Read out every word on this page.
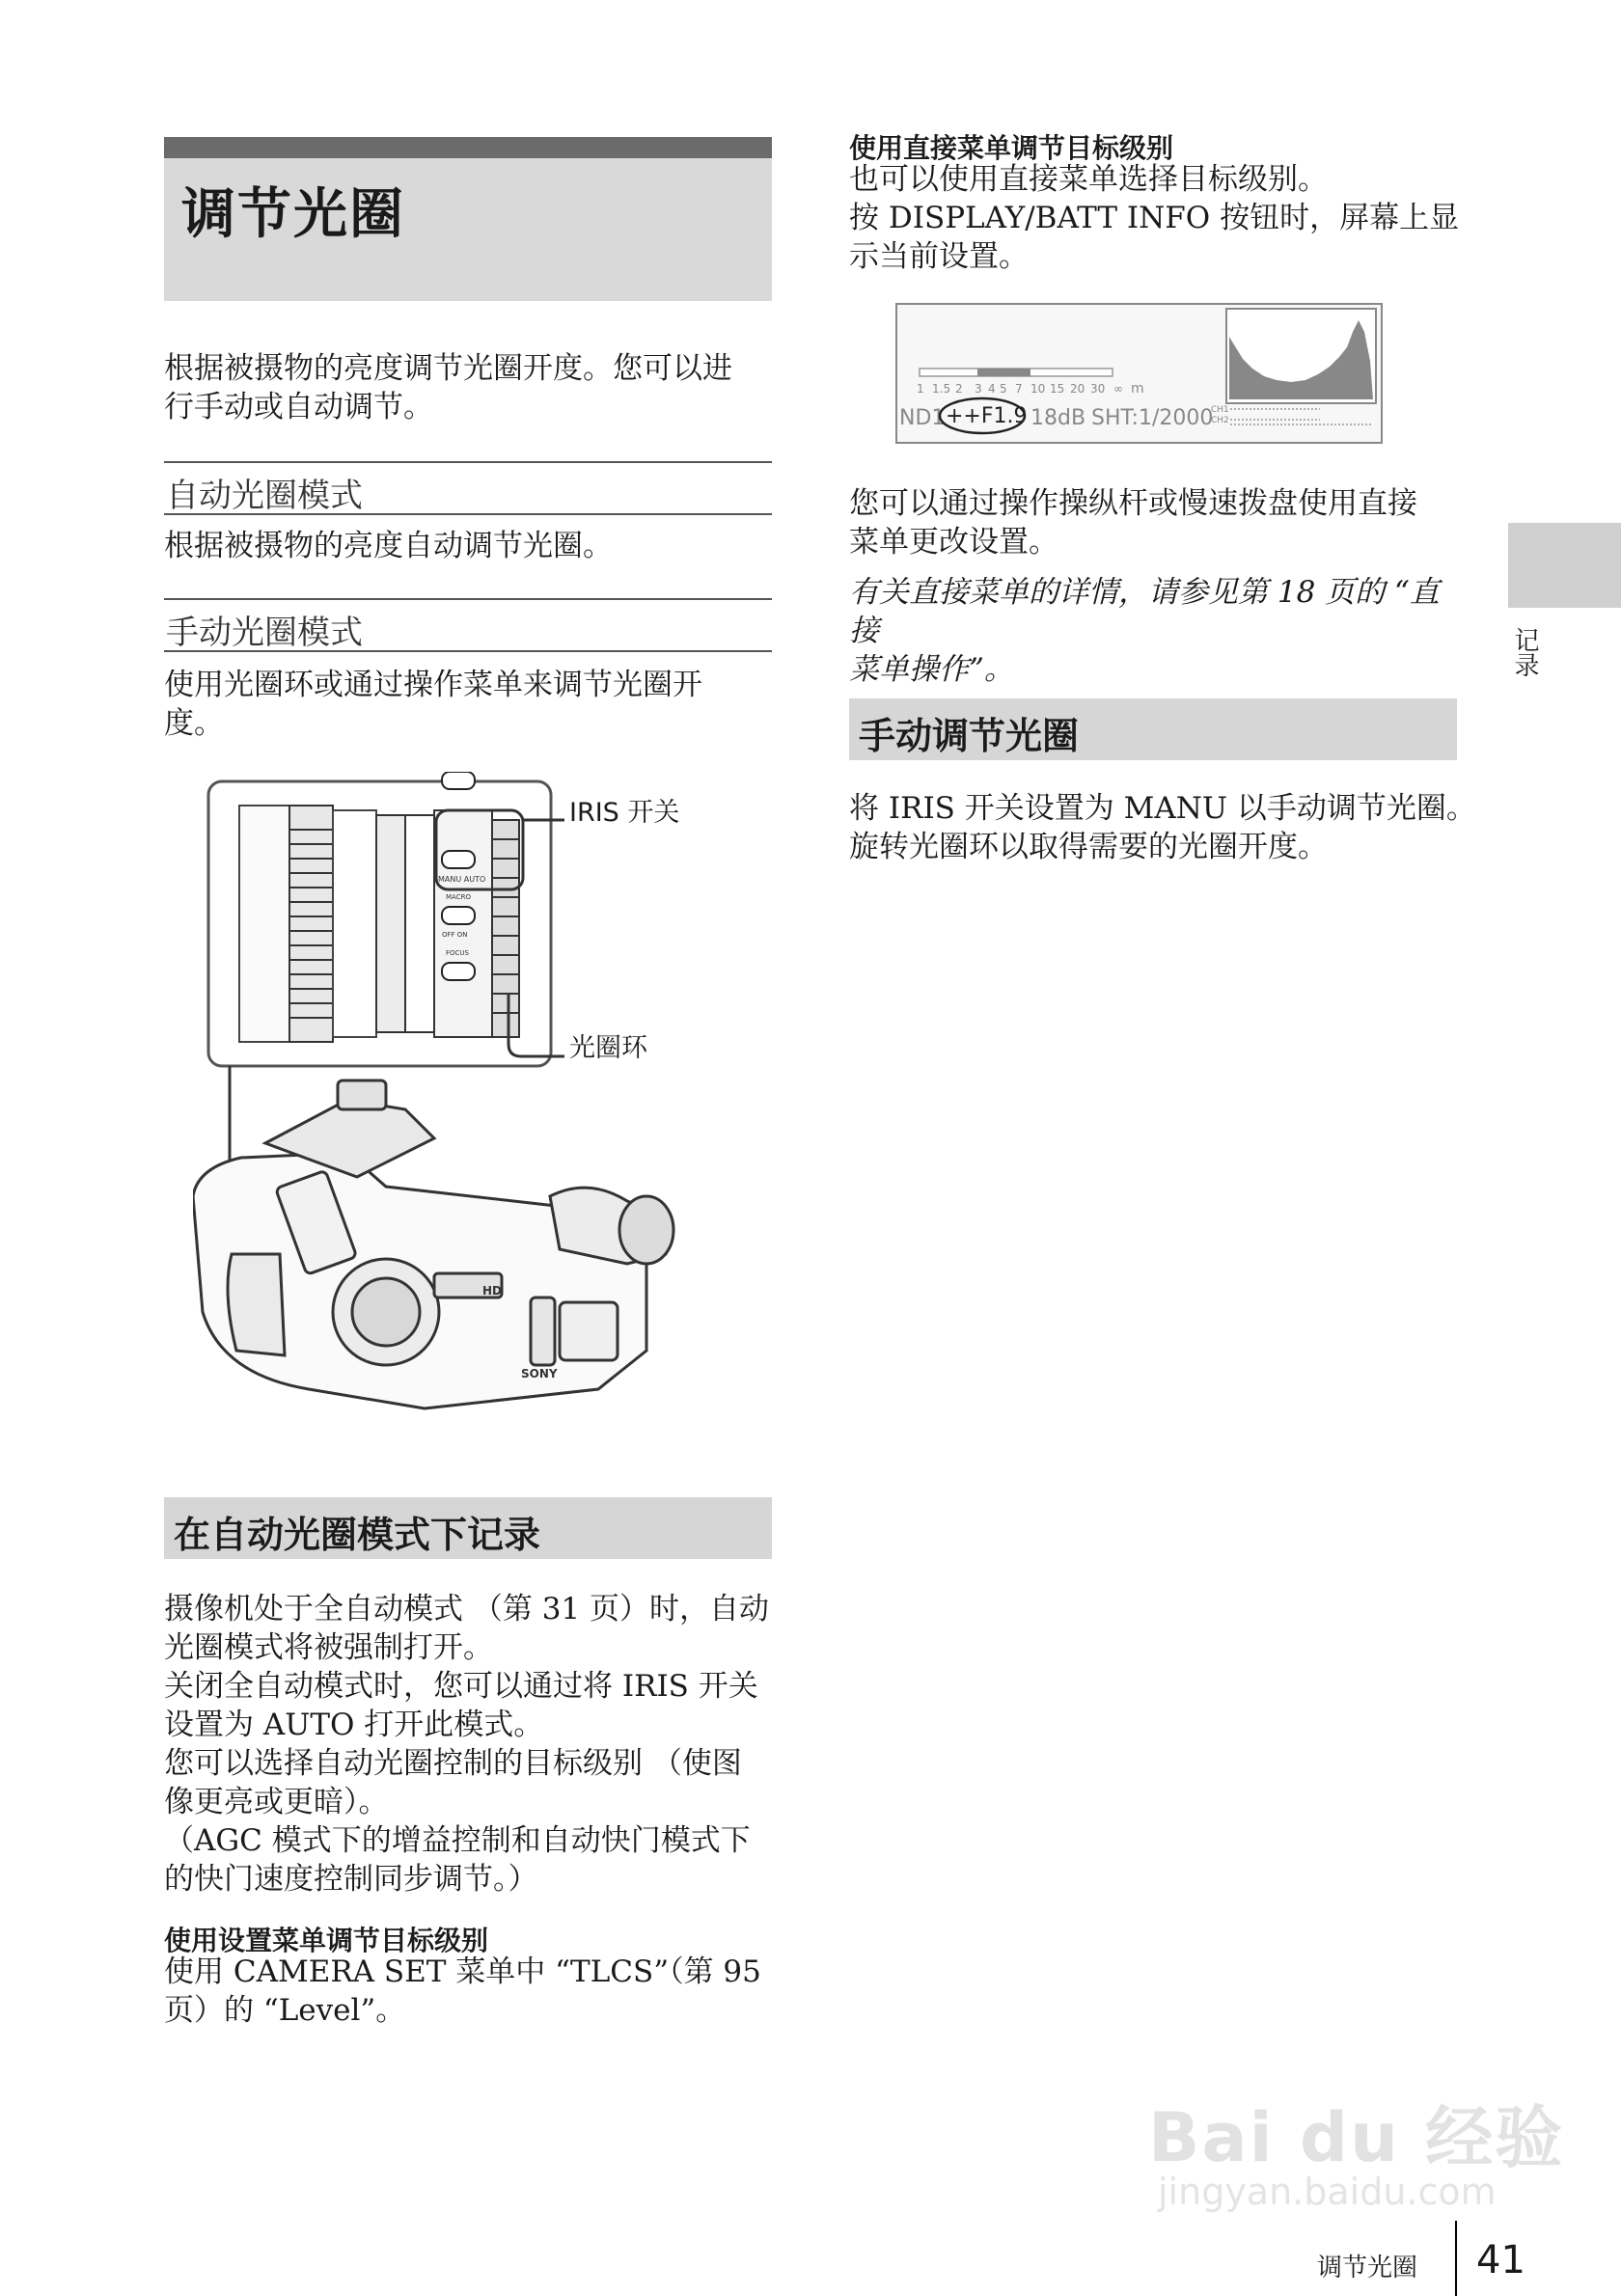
调节光圈
根据被摄物的亮度调节光圈开度。您可以进
行手动或自动调节。
自动光圈模式
根据被摄物的亮度自动调节光圈。
手动光圈模式
使用光圈环或通过操作菜单来调节光圈开
度。
MANU AUTO
MACRO
OFF ON
FOCUS
HD
SONY
IRIS 开关
光圈环
在自动光圈模式下记录
摄像机处于全自动模式 （第 31 页）时，自动
光圈模式将被强制打开。
关闭全自动模式时，您可以通过将 IRIS 开关
设置为 AUTO 打开此模式。
您可以选择自动光圈控制的目标级别 （使图
像更亮或更暗）。
（AGC 模式下的增益控制和自动快门模式下
的快门速度控制同步调节。）
使用设置菜单调节目标级别
使用 CAMERA SET 菜单中 “TLCS”（第 95
页）的 “Level”。
使用直接菜单调节目标级别
也可以使用直接菜单选择目标级别。
按 DISPLAY/BATT INFO 按钮时，屏幕上显
示当前设置。
1 1.5 2 3 4 5 7 10 15 20 30 ∞ m
ND1 ++F1.9 18dB SHT:1/2000
CH1
CH2
您可以通过操作操纵杆或慢速拨盘使用直接
菜单更改设置。
有关直接菜单的详情，请参见第 18 页的 “直接
菜单操作”。
手动调节光圈
将 IRIS 开关设置为 MANU 以手动调节光圈。
旋转光圈环以取得需要的光圈开度。
记录
Bai du 经验
jingyan.baidu.com
调节光圈 41
